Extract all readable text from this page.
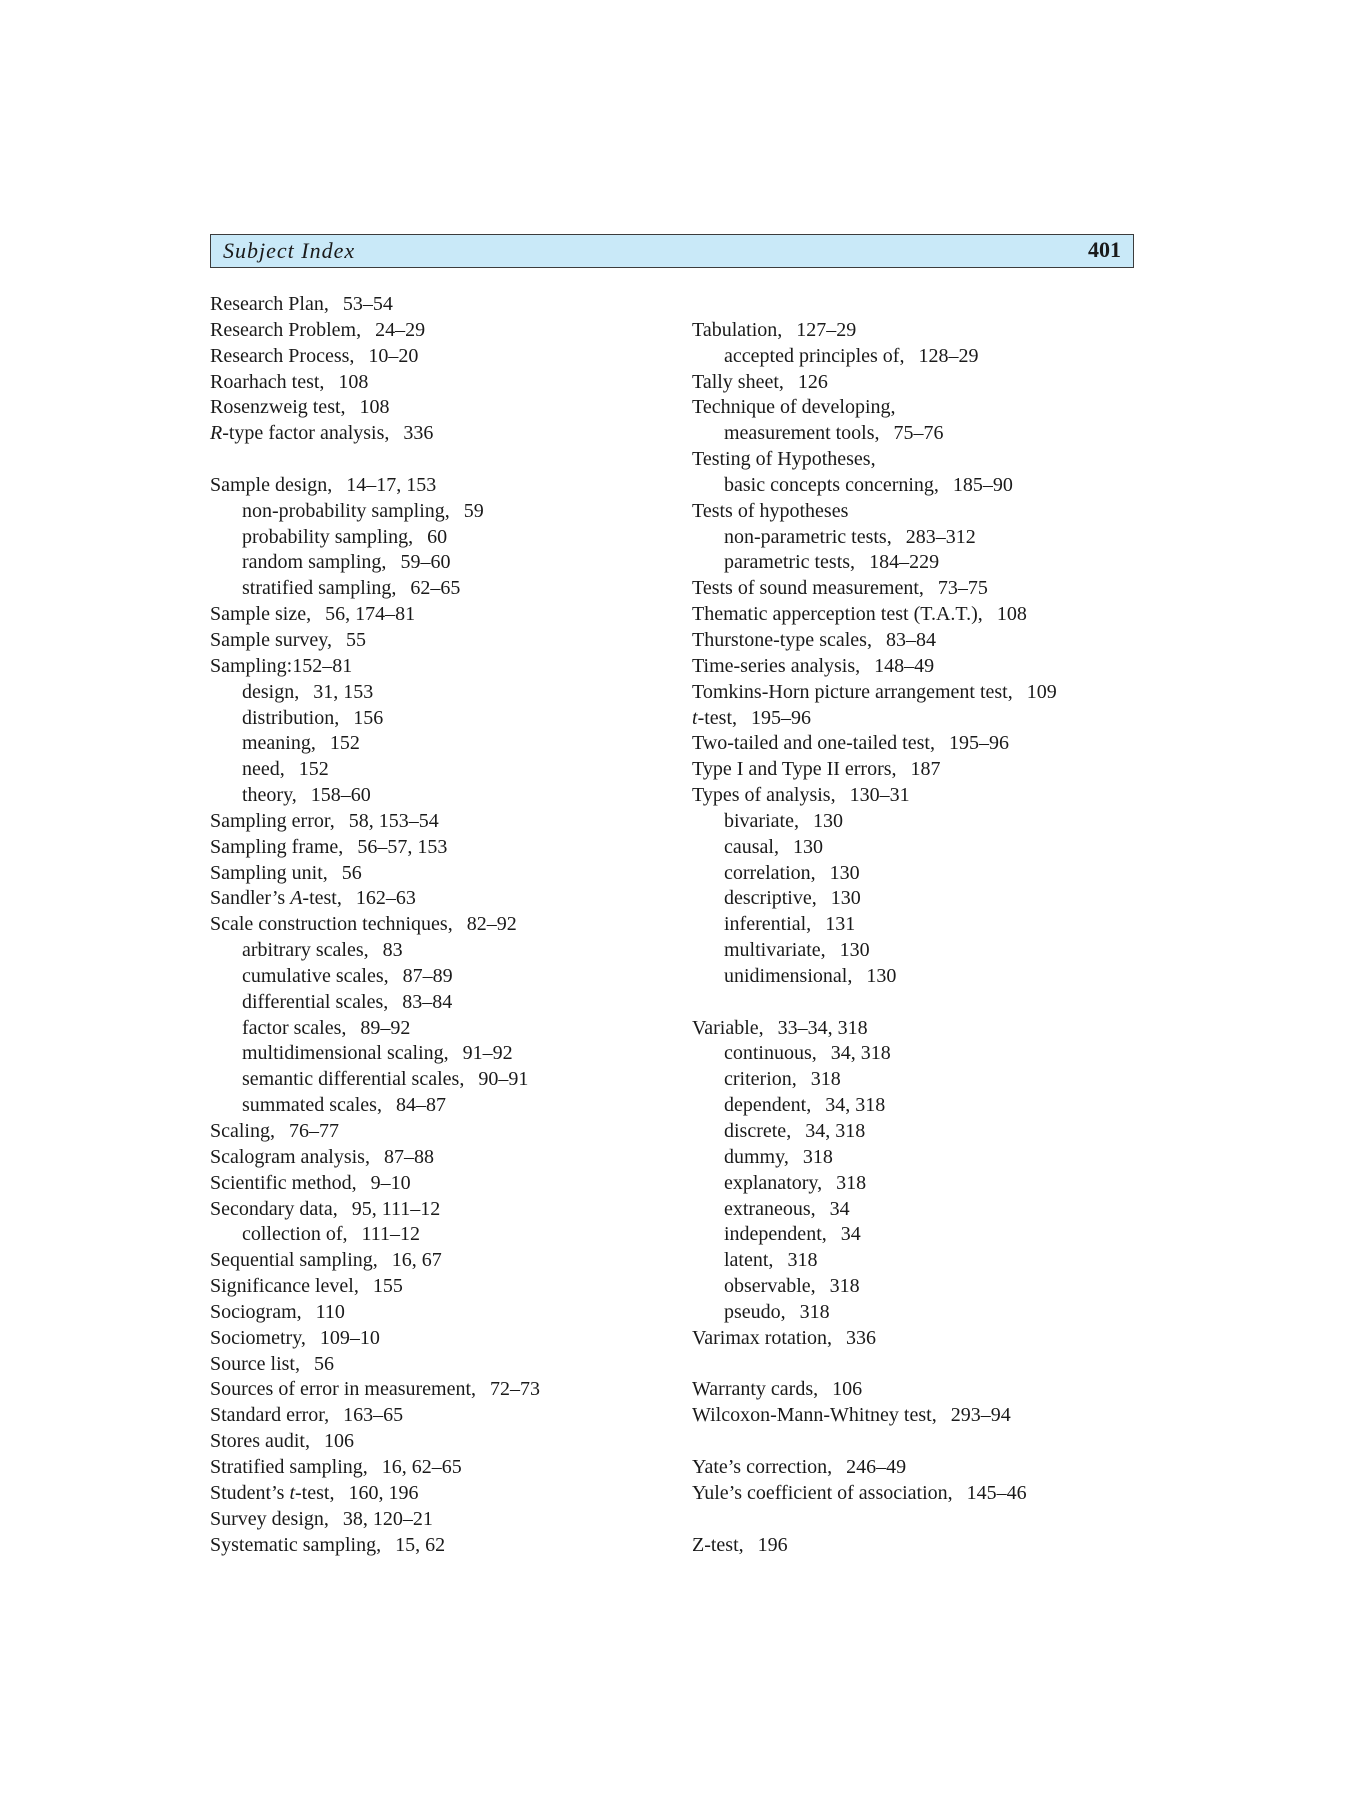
Subject Index	401
Research Plan, 53–54
Research Problem, 24–29
Research Process, 10–20
Roarhach test, 108
Rosenzweig test, 108
R-type factor analysis, 336
Sample design, 14–17, 153
non-probability sampling, 59
probability sampling, 60
random sampling, 59–60
stratified sampling, 62–65
Sample size, 56, 174–81
Sample survey, 55
Sampling:152–81
design, 31, 153
distribution, 156
meaning, 152
need, 152
theory, 158–60
Sampling error, 58, 153–54
Sampling frame, 56–57, 153
Sampling unit, 56
Sandler’s A-test, 162–63
Scale construction techniques, 82–92
arbitrary scales, 83
cumulative scales, 87–89
differential scales, 83–84
factor scales, 89–92
multidimensional scaling, 91–92
semantic differential scales, 90–91
summated scales, 84–87
Scaling, 76–77
Scalogram analysis, 87–88
Scientific method, 9–10
Secondary data, 95, 111–12
collection of, 111–12
Sequential sampling, 16, 67
Significance level, 155
Sociogram, 110
Sociometry, 109–10
Source list, 56
Sources of error in measurement, 72–73
Standard error, 163–65
Stores audit, 106
Stratified sampling, 16, 62–65
Student’s t-test, 160, 196
Survey design, 38, 120–21
Systematic sampling, 15, 62
Tabulation, 127–29
accepted principles of, 128–29
Tally sheet, 126
Technique of developing,
measurement tools, 75–76
Testing of Hypotheses,
basic concepts concerning, 185–90
Tests of hypotheses
non-parametric tests, 283–312
parametric tests, 184–229
Tests of sound measurement, 73–75
Thematic apperception test (T.A.T.), 108
Thurstone-type scales, 83–84
Time-series analysis, 148–49
Tomkins-Horn picture arrangement test, 109
t-test, 195–96
Two-tailed and one-tailed test, 195–96
Type I and Type II errors, 187
Types of analysis, 130–31
bivariate, 130
causal, 130
correlation, 130
descriptive, 130
inferential, 131
multivariate, 130
unidimensional, 130
Variable, 33–34, 318
continuous, 34, 318
criterion, 318
dependent, 34, 318
discrete, 34, 318
dummy, 318
explanatory, 318
extraneous, 34
independent, 34
latent, 318
observable, 318
pseudo, 318
Varimax rotation, 336
Warranty cards, 106
Wilcoxon-Mann-Whitney test, 293–94
Yate’s correction, 246–49
Yule’s coefficient of association, 145–46
Z-test, 196
